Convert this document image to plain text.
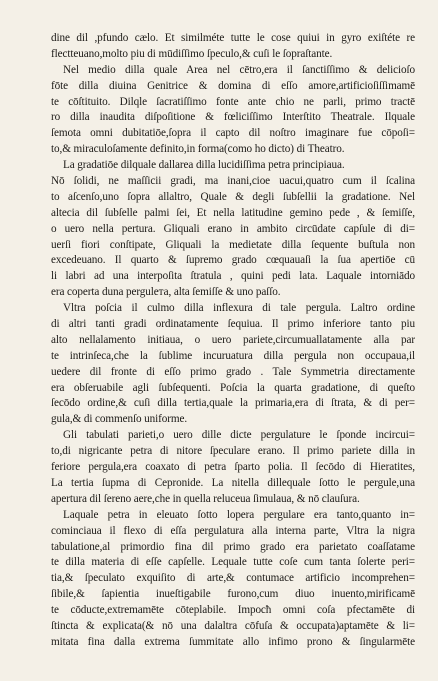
dine dil ,pfundo cælo. Et similméte tutte le cose quiui in gyro exiſtéte re
flectteuano,molto piu di mūdiſſimo ſpeculo,& cuſi le ſopraſtante.
Nel medio dilla quale Area nel cētro,era il ſanctiſſimo & delicioſo
fōte dilla diuina Genitrice & domina di eſſo amore,artificioſiſſimamē
te cōſtituito. Dilqle ſacratiſſimo fonte ante chio ne parli, primo tractē
ro dilla inaudita diſpoſitione & fœliciſſimo Interſtito Theatrale. Ilquale
ſemota omni dubitatiōe,ſopra il capto dil noſtro imaginare fue cōpoſi=
to,& miraculoſamente definito,in forma(como ho dicto) di Theatro.
La gradatiōe dilquale dallarea dilla lucidiſſima petra principiaua.
Nō ſolidi, ne maſſicii gradi, ma inani,cioe uacui,quatro cum il ſcalina
to aſcenſo,uno ſopra allaltro, Quale & degli ſubſellii la gradatione. Nel
altecia dil ſubſelle palmi ſei, Et nella latitudine gemino pede , & ſemiſſe,
o uero nella pertura. Gliquali erano in ambito circūdate capſule di di=
uerſi fiori conſtipate, Gliquali la medietate dilla ſequente buſtula non
excedeuano. Il quarto & ſupremo grado cœquauaſi la ſua apertiōe cū
li labri ad una interpoſita ſtratula , quini pedi lata. Laquale intorniādo
era coperta duna pergulета, alta ſemiſſe & uno paſſo.
Vltra poſcia il culmo dilla inflexura di tale pergula. Laltro ordine
di altri tanti gradi ordinatamente ſequiua. Il primo inferiore tanto piu
alto nellalamento initiaua, o uero pariete,circumuallatamente alla par
te intrinſeca,che la ſublime incuruatura dilla pergula non occupaua,il
uedere dil fronte di eſſo primo grado . Tale Symmetria directamente
era obſeruabile agli ſubſequenti. Poſcia la quarta gradatione, di queſto
ſecōdo ordine,& cuſi dilla tertia,quale la primaria,era di ſtrata, & di per=
gula,& di commenſo uniforme.
Gli tabulati parieti,o uero dille dicte pergulature le ſponde incircui=
to,di nigricante petra di nitore ſpeculare erano. Il primo pariete dilla in
feriore pergula,era coaxato di petra ſparto polia. Il ſecōdo di Hieratites,
La tertia ſupma di Cepronide. La nitella dillequale ſotto le pergule,una
apertura dil ſereno aere,che in quella reluceua ſimulaua, & nō clauſura.
Laquale petra in eleuato ſotto lopera pergulare era tanto,quanto in=
cominciaua il flexo di eſſa pergulatura alla interna parte, Vltra la nigra
tabulatione,al primordio fina dil primo grado era parietato coaſſatame
te dilla materia di eſſe capſelle. Lequale tutte coſe cum tanta ſolerte peri=
tia,& ſpeculato exquiſito di arte,& contumace artificio incomprehen=
ſibile,& ſapientia inueſtigabile furono,cum diuo inuento,mirificamē
te cōducte,extremamēte cōteplabile. Impocħ omni coſa pfectamēte di
ſtincta & explicata(& nō una dalaltra cōfuſa & occupata)aptamēte & li=
mitata fina dalla extrema ſummitate allo infimo prono & ſingularmēte
